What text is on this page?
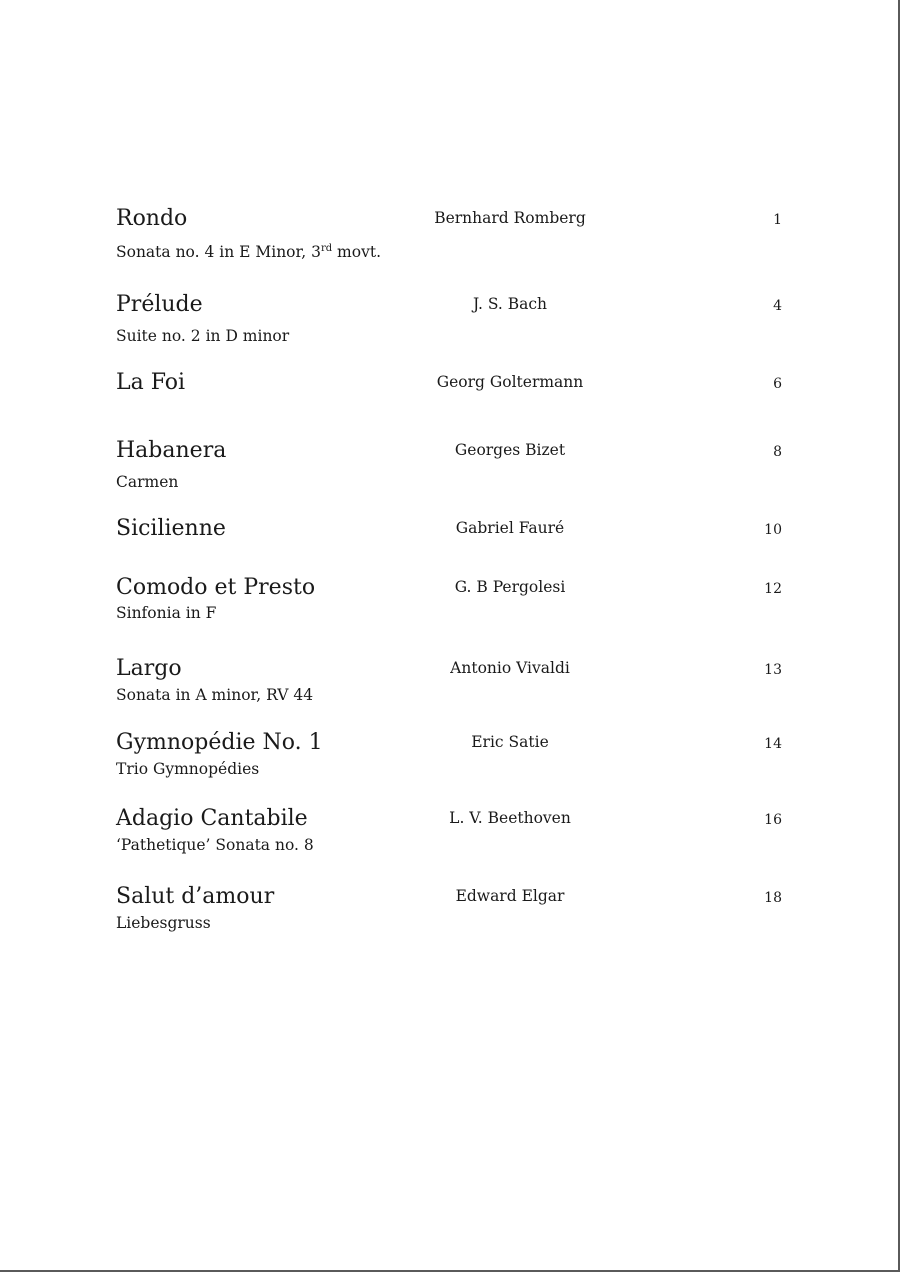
Rondo
Sonata no. 4 in E Minor, 3rd movt.
Bernhard Romberg	1
Prélude
Suite no. 2 in D minor
J. S. Bach	4
La Foi	Georg Goltermann	6
Habanera
Carmen
Georges Bizet	8
Sicilienne	Gabriel Fauré	10
Comodo et Presto
Sinfonia in F
G. B Pergolesi	12
Largo
Sonata in A minor, RV 44
Antonio Vivaldi	13
Gymnopédie No. 1
Trio Gymnopédies
Eric Satie	14
Adagio Cantabile
‘Pathetique’ Sonata no. 8
L. V. Beethoven	16
Salut d’amour
Liebesgruss
Edward Elgar	18
